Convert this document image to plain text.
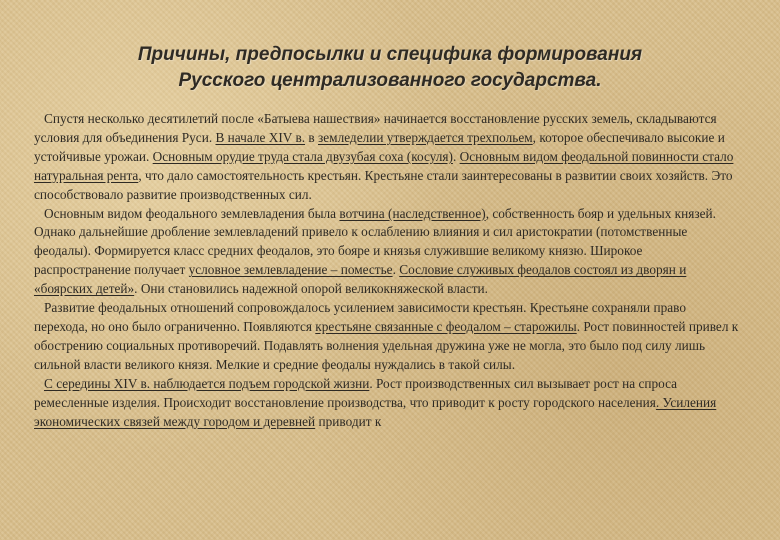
Причины, предпосылки и специфика формирования
Русского централизованного государства.

Спустя несколько десятилетий после «Батыева нашествия» начинается восстановление русских земель, складываются условия для объединения Руси. В начале XIV в. в земледелии утверждается трехпольем, которое обеспечивало высокие и устойчивые урожаи. Основным орудие труда стала двузубая соха (косуля). Основным видом феодальной повинности стало натуральная рента, что дало самостоятельность крестьян. Крестьяне стали заинтересованы в развитии своих хозяйств. Это способствовало развитие производственных сил.

Основным видом феодального землевладения была вотчина (наследственное), собственность бояр и удельных князей. Однако дальнейшие дробление землевладений привело к ослаблению влияния и сил аристократии (потомственные феодалы). Формируется класс средних феодалов, это бояре и князья служившие великому князю. Широкое распространение получает условное землевладение – поместье. Сословие служивых феодалов состоял из дворян и «боярских детей». Они становились надежной опорой великокняжеской власти.

Развитие феодальных отношений сопровождалось усилением зависимости крестьян. Крестьяне сохраняли право перехода, но оно было ограниченно. Появляются крестьяне связанные с феодалом – старожилы. Рост повинностей привел к обострению социальных противоречий. Подавлять волнения удельная дружина уже не могла, это было под силу лишь сильной власти великого князя. Мелкие и средние феодалы нуждались в такой силы.

С середины XIV в. наблюдается подъем городской жизни. Рост производственных сил вызывает рост на спроса ремесленные изделия. Происходит восстановление производства, что приводит к росту городского населения. Усиления экономических связей между городом и деревней приводит к
